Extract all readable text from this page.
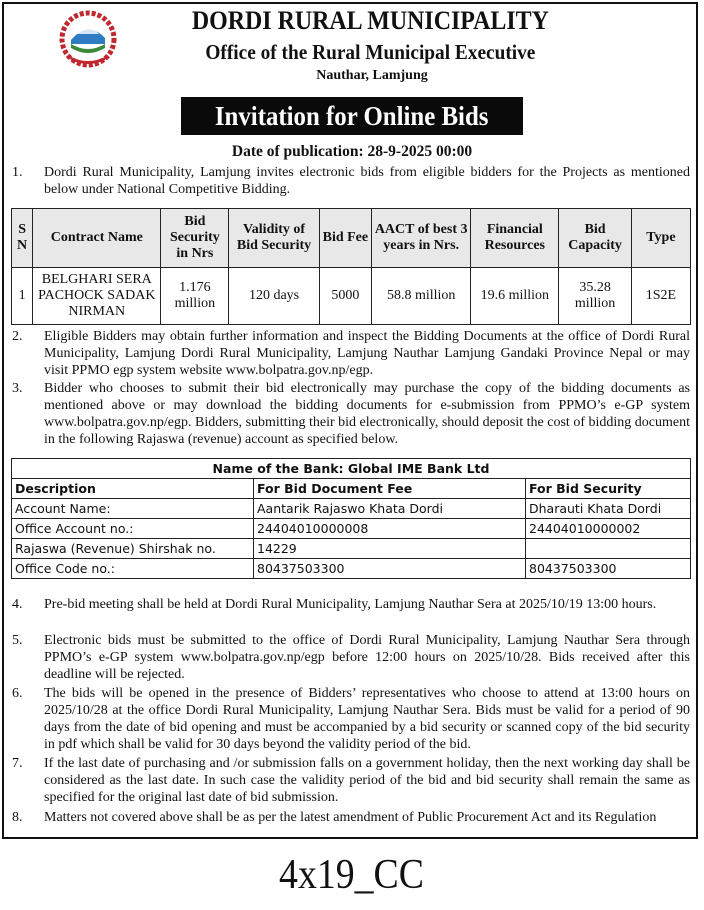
DORDI RURAL MUNICIPALITY
Office of the Rural Municipal Executive
Nauthar, Lamjung
Invitation for Online Bids
Date of publication: 28-9-2025 00:00
1. Dordi Rural Municipality, Lamjung invites electronic bids from eligible bidders for the Projects as mentioned below under National Competitive Bidding.
S N	Contract Name	Bid Security in Nrs	Validity of Bid Security	Bid Fee	AACT of best 3 years in Nrs.	Financial Resources	Bid Capacity	Type
1	BELGHARI SERA PACHOCK SADAK NIRMAN	1.176 million	120 days	5000	58.8 million	19.6 million	35.28 million	1S2E
2. Eligible Bidders may obtain further information and inspect the Bidding Documents at the office of Dordi Rural Municipality, Lamjung Dordi Rural Municipality, Lamjung Nauthar Lamjung Gandaki Province Nepal or may visit PPMO egp system website www.bolpatra.gov.np/egp.
3. Bidder who chooses to submit their bid electronically may purchase the copy of the bidding documents as mentioned above or may download the bidding documents for e-submission from PPMO’s e-GP system www.bolpatra.gov.np/egp. Bidders, submitting their bid electronically, should deposit the cost of bidding document in the following Rajaswa (revenue) account as specified below.
Name of the Bank: Global IME Bank Ltd		
Description	For Bid Document Fee	For Bid Security
Account Name:	Aantarik Rajaswo Khata Dordi	Dharauti Khata Dordi
Office Account no.:	24404010000008	24404010000002
Rajaswa (Revenue) Shirshak no.	14229	
Office Code no.:	80437503300	80437503300
4. Pre-bid meeting shall be held at Dordi Rural Municipality, Lamjung Nauthar Sera at 2025/10/19 13:00 hours.
5. Electronic bids must be submitted to the office of Dordi Rural Municipality, Lamjung Nauthar Sera through PPMO’s e-GP system www.bolpatra.gov.np/egp before 12:00 hours on 2025/10/28. Bids received after this deadline will be rejected.
6. The bids will be opened in the presence of Bidders’ representatives who choose to attend at 13:00 hours on 2025/10/28 at the office Dordi Rural Municipality, Lamjung Nauthar Sera. Bids must be valid for a period of 90 days from the date of bid opening and must be accompanied by a bid security or scanned copy of the bid security in pdf which shall be valid for 30 days beyond the validity period of the bid.
7. If the last date of purchasing and /or submission falls on a government holiday, then the next working day shall be considered as the last date. In such case the validity period of the bid and bid security shall remain the same as specified for the original last date of bid submission.
8. Matters not covered above shall be as per the latest amendment of Public Procurement Act and its Regulation
4x19_CC
